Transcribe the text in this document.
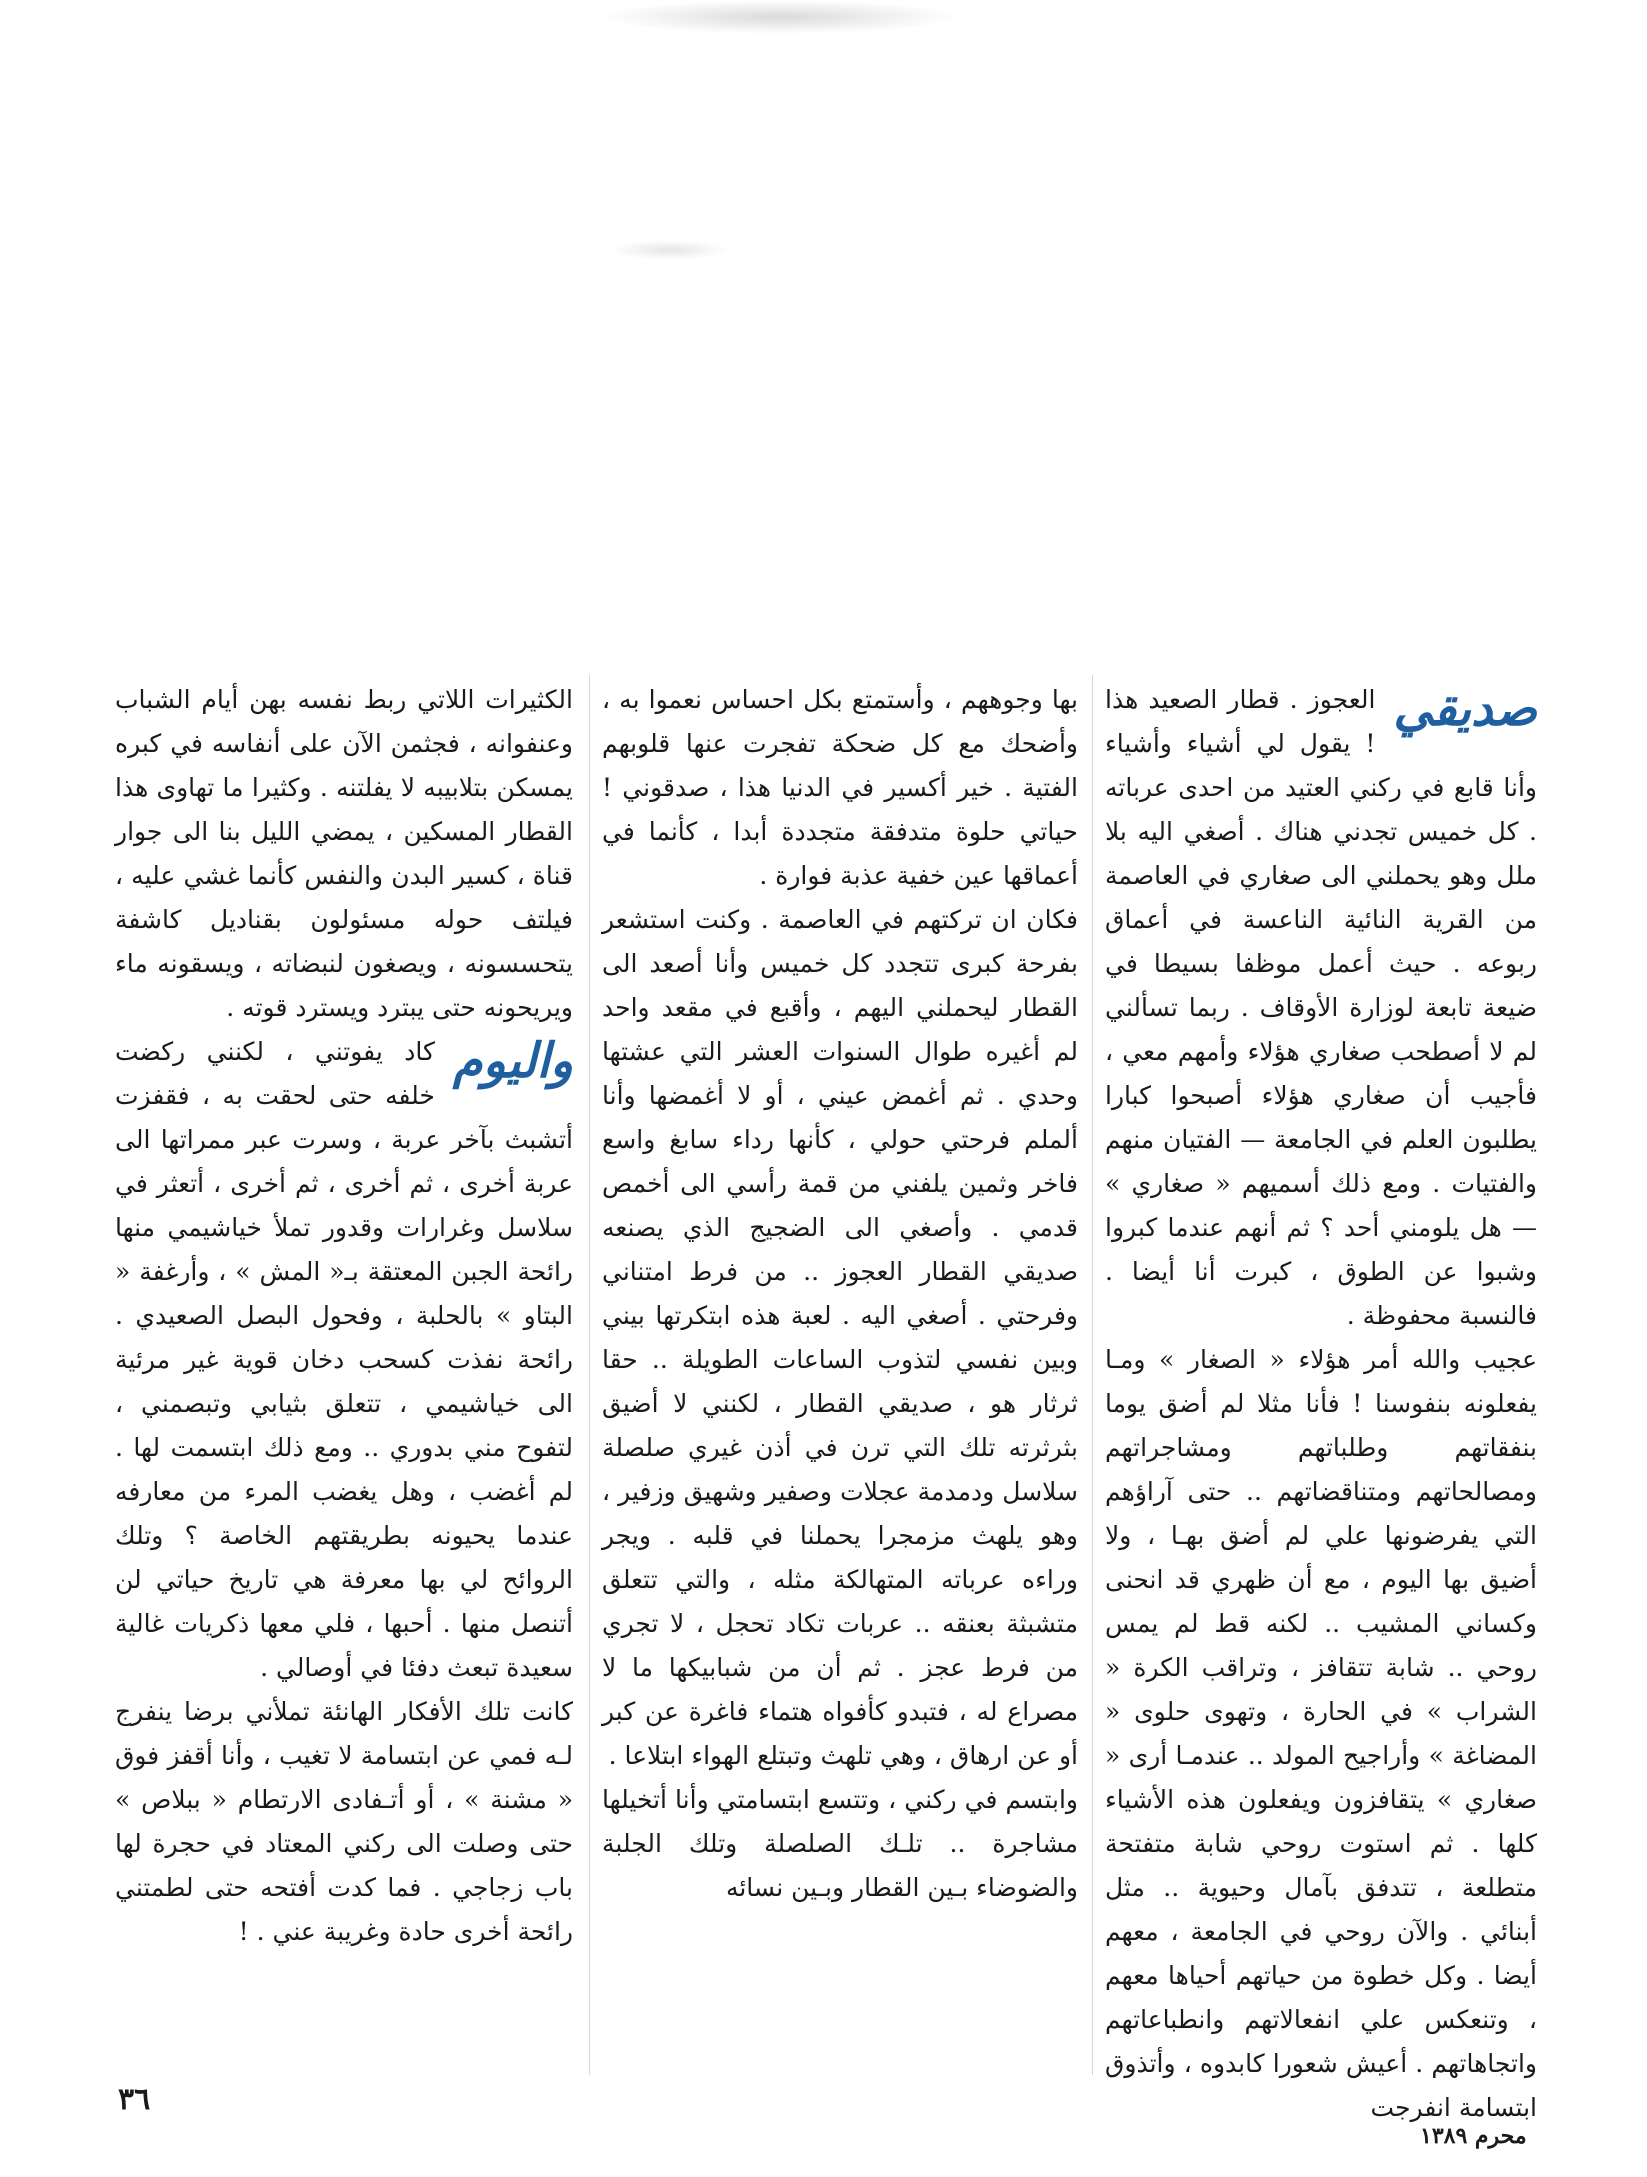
صديقي
العجوز . قطار الصعيد هذا ! يقول لي أشياء وأشياء وأنا قابع في ركني العتيد من احدى عرباته . كل خميس تجدني هناك . أصغي اليه بلا ملل وهو يحملني الى صغاري في العاصمة من القرية النائية الناعسة في أعماق ربوعه . حيث أعمل موظفا بسيطا في ضيعة تابعة لوزارة الأوقاف . ربما تسألني لم لا أصطحب صغاري هؤلاء وأمهم معي ، فأجيب أن صغاري هؤلاء أصبحوا كبارا يطلبون العلم في الجامعة — الفتيان منهم والفتيات . ومع ذلك أسميهم « صغاري » — هل يلومني أحد ؟ ثم أنهم عندما كبروا وشبوا عن الطوق ، كبرت أنا أيضا . فالنسبة محفوظة .

عجيب والله أمر هؤلاء « الصغار » ومـا يفعلونه بنفوسنا ! فأنا مثلا لم أضق يوما بنفقاتهم وطلباتهم ومشاجراتهم ومصالحاتهم ومتناقضاتهم .. حتى آراؤهم التي يفرضونها علي لم أضق بهـا ، ولا أضيق بها اليوم ، مع أن ظهري قد انحنى وكساني المشيب .. لكنه قط لم يمس روحي .. شابة تتقافز ، وتراقب الكرة « الشراب » في الحارة ، وتهوى حلوى « المضاغة » وأراجيح المولد .. عندمـا أرى « صغاري » يتقافزون ويفعلون هذه الأشياء كلها . ثم استوت روحي شابة متفتحة متطلعة ، تتدفق بآمال وحيوية .. مثل أبنائي . والآن روحي في الجامعة ، معهم أيضا . وكل خطوة من حياتهم أحياها معهم ، وتنعكس علي انفعالاتهم وانطباعاتهم واتجاهاتهم . أعيش شعورا كابدوه ، وأتذوق ابتسامة انفرجت

بها وجوههم ، وأستمتع بكل احساس نعموا به ، وأضحك مع كل ضحكة تفجرت عنها قلوبهم الفتية . خير أكسير في الدنيا هذا ، صدقوني ! حياتي حلوة متدفقة متجددة أبدا ، كأنما في أعماقها عين خفية عذبة فوارة .

فكان ان تركتهم في العاصمة . وكنت استشعر بفرحة كبرى تتجدد كل خميس وأنا أصعد الى القطار ليحملني اليهم ، وأقبع في مقعد واحد لم أغيره طوال السنوات العشر التي عشتها وحدي . ثم أغمض عيني ، أو لا أغمضها وأنا ألملم فرحتي حولي ، كأنها رداء سابغ واسع فاخر وثمين يلفني من قمة رأسي الى أخمص قدمي . وأصغي الى الضجيج الذي يصنعه صديقي القطار العجوز .. من فرط امتناني وفرحتي . أصغي اليه . لعبة هذه ابتكرتها بيني وبين نفسي لتذوب الساعات الطويلة .. حقا ثرثار هو ، صديقي القطار ، لكنني لا أضيق بثرثرته تلك التي ترن في أذن غيري صلصلة سلاسل ودمدمة عجلات وصفير وشهيق وزفير ، وهو يلهث مزمجرا يحملنا في قلبه . ويجر وراءه عرباته المتهالكة مثله ، والتي تتعلق متشبثة بعنقه .. عربات تكاد تحجل ، لا تجري من فرط عجز . ثم أن من شبابيكها ما لا مصراع له ، فتبدو كأفواه هتماء فاغرة عن كبر أو عن ارهاق ، وهي تلهث وتبتلع الهواء ابتلاعا .

وابتسم في ركني ، وتتسع ابتسامتي وأنا أتخيلها مشاجرة .. تلـك الصلصلة وتلك الجلبة والضوضاء بـين القطار وبـين نسائه

الكثيرات اللاتي ربط نفسه بهن أيام الشباب وعنفوانه ، فجثمن الآن على أنفاسه في كبره يمسكن بتلابيبه لا يفلتنه . وكثيرا ما تهاوى هذا القطار المسكين ، يمضي الليل بنا الى جوار قناة ، كسير البدن والنفس كأنما غشي عليه ، فيلتف حوله مسئولون بقناديل كاشفة يتحسسونه ، ويصغون لنبضاته ، ويسقونه ماء ويريحونه حتى يبترد ويسترد قوته .

واليوم
كاد يفوتني ، لكنني ركضت خلفه حتى لحقت به ، فقفزت أتشبث بآخر عربة ، وسرت عبر ممراتها الى عربة أخرى ، ثم أخرى ، ثم أخرى ، أتعثر في سلاسل وغرارات وقدور تملأ خياشيمي منها رائحة الجبن المعتقة بـ« المش » ، وأرغفة « البتاو » بالحلبة ، وفحول البصل الصعيدي . رائحة نفذت كسحب دخان قوية غير مرئية الى خياشيمي ، تتعلق بثيابي وتبصمني ، لتفوح مني بدوري .. ومع ذلك ابتسمت لها . لم أغضب ، وهل يغضب المرء من معارفه عندما يحيونه بطريقتهم الخاصة ؟ وتلك الروائح لي بها معرفة هي تاريخ حياتي لن أتنصل منها . أحبها ، فلي معها ذكريات غالية سعيدة تبعث دفئا في أوصالي .

كانت تلك الأفكار الهانئة تملأني برضا ينفرج لـه فمي عن ابتسامة لا تغيب ، وأنا أقفز فوق « مشنة » ، أو أتـفادى الارتطام « ببلاص » حتى وصلت الى ركني المعتاد في حجرة لها باب زجاجي . فما كدت أفتحه حتى لطمتني رائحة أخرى حادة وغريبة عني . !

٣٦
محرم ١٣٨٩
